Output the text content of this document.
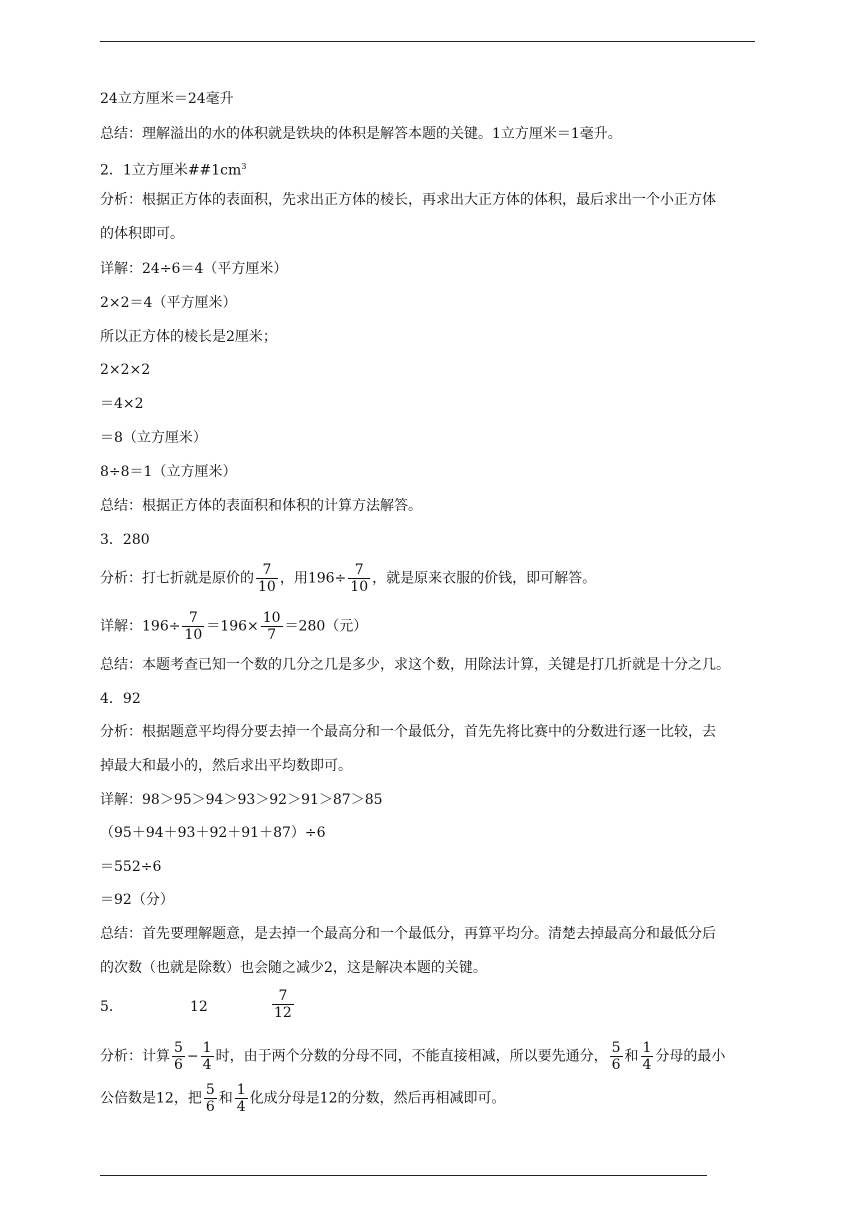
24立方厘米＝24毫升
总结：理解溢出的水的体积就是铁块的体积是解答本题的关键。1立方厘米＝1毫升。
2．1立方厘米$\#\#1cm^3$
分析：根据正方体的表面积，先求出正方体的棱长，再求出大正方体的体积，最后求出一个小正方体
的体积即可。
详解：24÷6＝4（平方厘米）
2×2＝4（平方厘米）
所以正方体的棱长是2厘米；
2×2×2
＝4×2
＝8（立方厘米）
8÷8＝1（立方厘米）
总结：根据正方体的表面积和体积的计算方法解答。
3．280
分析：打七折就是原价的 $\frac{7}{10}$ ，用$196\div \frac{7}{10}$ ，就是原来衣服的价钱，即可解答。
详解：$196\div \frac{7}{10} =196\times \frac{10}{7} =280$（元）
总结：本题考查已知一个数的几分之几是多少，求这个数，用除法计算，关键是打几折就是十分之几。
4．92
分析：根据题意平均得分要去掉一个最高分和一个最低分，首先先将比赛中的分数进行逐一比较，去
掉最大和最小的，然后求出平均数即可。
详解：98＞95＞94＞93＞92＞91＞87＞85
（95＋94＋93＋92＋91＋87）÷6
＝552÷6
＝92（分）
总结：首先要理解题意，是去掉一个最高分和一个最低分，再算平均分。清楚去掉最高分和最低分后
的次数（也就是除数）也会随之减少2，这是解决本题的关键。
5．	12	$\frac{7}{12}$
分析：计算 $\frac{5}{6} - \frac{1}{4}$ 时，由于两个分数的分母不同，不能直接相减，所以要先通分， $\frac{5}{6}$ 和 $\frac{1}{4}$ 分母的最小
公倍数是12，把 $\frac{5}{6}$ 和 $\frac{1}{4}$ 化成分母是12的分数，然后再相减即可。
